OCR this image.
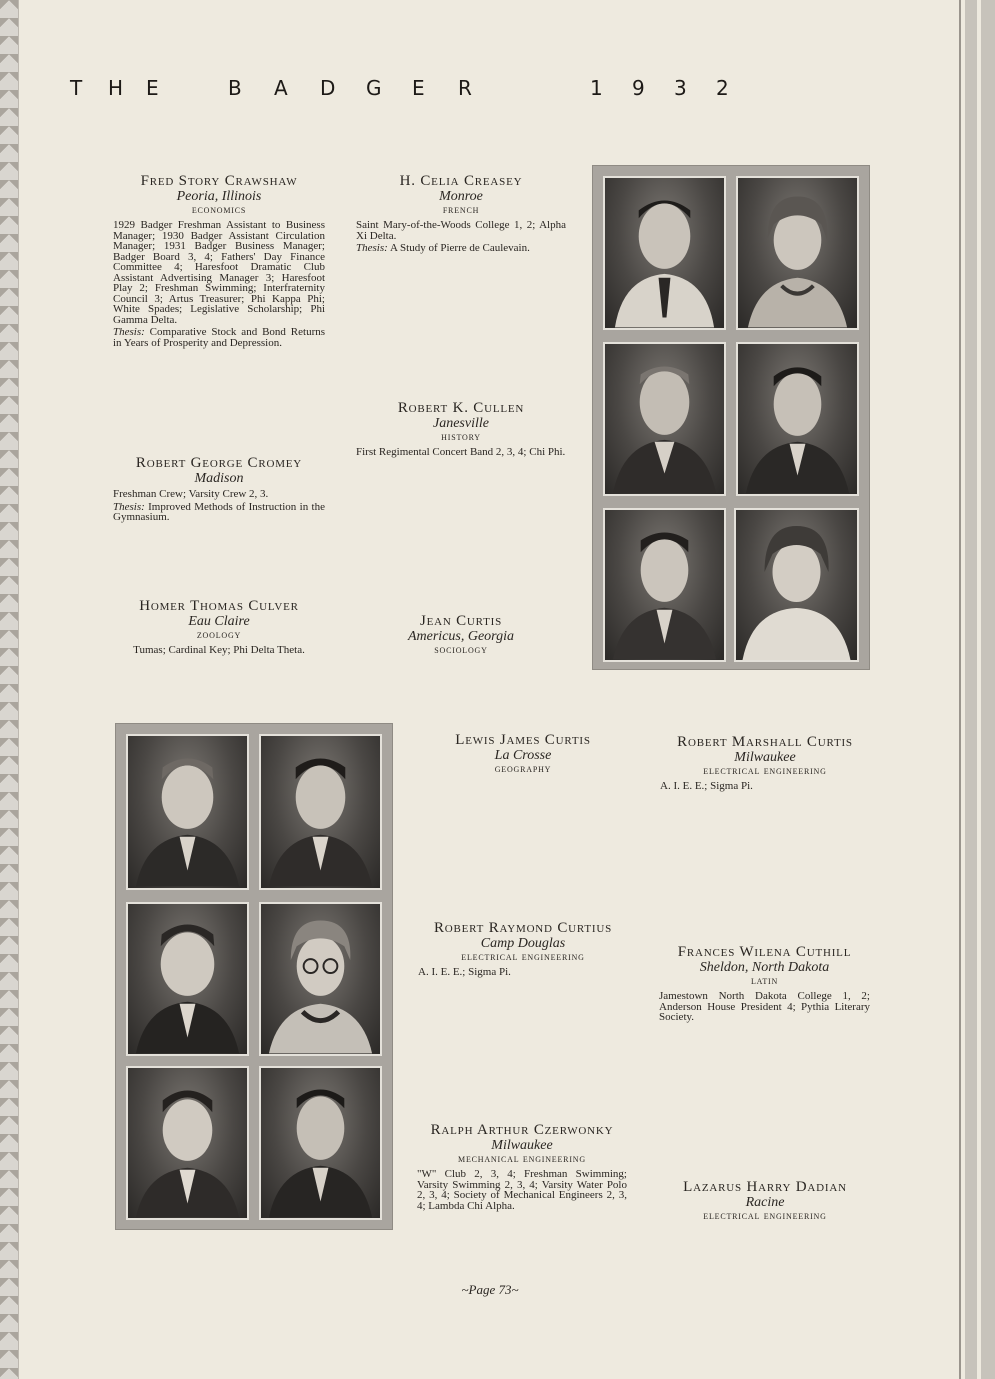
T H E	B A D G E R	1 9 3 2
Fred Story Crawshaw
Peoria, Illinois
economics
1929 Badger Freshman Assistant to Business Manager; 1930 Badger Assistant Circulation Manager; 1931 Badger Business Manager; Badger Board 3, 4; Fathers' Day Finance Committee 4; Haresfoot Dramatic Club Assistant Advertising Manager 3; Haresfoot Play 2; Freshman Swimming; Interfraternity Council 3; Artus Treasurer; Phi Kappa Phi; White Spades; Legislative Scholarship; Phi Gamma Delta.
Thesis: Comparative Stock and Bond Returns in Years of Prosperity and Depression.
H. Celia Creasey
Monroe
french
Saint Mary-of-the-Woods College 1, 2; Alpha Xi Delta.
Thesis: A Study of Pierre de Caulevain.
Robert George Cromey
Madison
Freshman Crew; Varsity Crew 2, 3.
Thesis: Improved Methods of Instruction in the Gymnasium.
Robert K. Cullen
Janesville
history
First Regimental Concert Band 2, 3, 4; Chi Phi.
Homer Thomas Culver
Eau Claire
zoology
Tumas; Cardinal Key; Phi Delta Theta.
Jean Curtis
Americus, Georgia
sociology
Lewis James Curtis
La Crosse
geography
Robert Marshall Curtis
Milwaukee
electrical engineering
A. I. E. E.; Sigma Pi.
Robert Raymond Curtius
Camp Douglas
electrical engineering
A. I. E. E.; Sigma Pi.
Frances Wilena Cuthill
Sheldon, North Dakota
latin
Jamestown North Dakota College 1, 2; Anderson House President 4; Pythia Literary Society.
Ralph Arthur Czerwonky
Milwaukee
mechanical engineering
"W" Club 2, 3, 4; Freshman Swimming; Varsity Swimming 2, 3, 4; Varsity Water Polo 2, 3, 4; Society of Mechanical Engineers 2, 3, 4; Lambda Chi Alpha.
Lazarus Harry Dadian
Racine
electrical engineering
~Page 73~
